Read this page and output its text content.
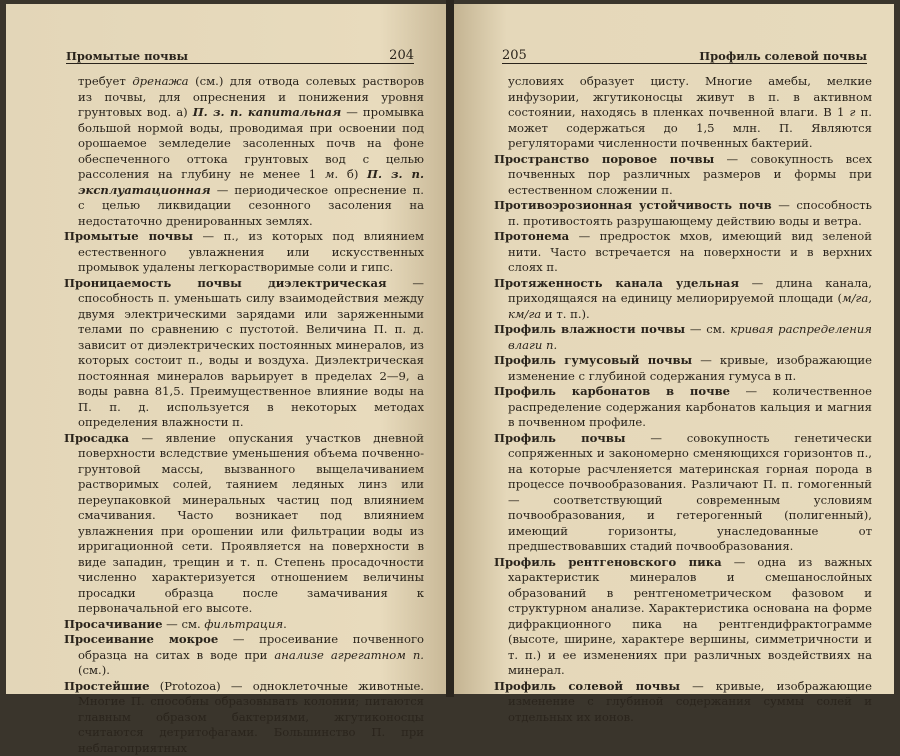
Промытые почвы	204

требует дренажа (см.) для отвода солевых растворов из почвы, для опреснения и понижения уровня грунтовых вод. а) П. з. п. капитальная — промывка большой нормой воды, проводимая при освоении под орошаемое земледелие засоленных почв на фоне обеспеченного оттока грунтовых вод с целью рассоления на глубину не менее 1 м. б) П. з. п. эксплуатационная — периодическое опреснение п. с целью ликвидации сезонного засоления на недостаточно дренированных землях.

Промытые почвы — п., из которых под влиянием естественного увлажнения или искусственных промывок удалены легкорастворимые соли и гипс.

Проницаемость почвы диэлектрическая — способность п. уменьшать силу взаимодействия между двумя электрическими зарядами или заряженными телами по сравнению с пустотой. Величина П. п. д. зависит от диэлектрических постоянных минералов, из которых состоит п., воды и воздуха. Диэлектрическая постоянная минералов варьирует в пределах 2—9, а воды равна 81,5. Преимущественное влияние воды на П. п. д. используется в некоторых методах определения влажности п.

Просадка — явление опускания участков дневной поверхности вследствие уменьшения объема почвенно-грунтовой массы, вызванного выщелачиванием растворимых солей, таянием ледяных линз или переупаковкой минеральных частиц под влиянием смачивания. Часто возникает под влиянием увлажнения при орошении или фильтрации воды из ирригационной сети. Проявляется на поверхности в виде западин, трещин и т. п. Степень просадочности численно характеризуется отношением величины просадки образца после замачивания к первоначальной его высоте.

Просачивание — см. фильтрация.

Просеивание мокрое — просеивание почвенного образца на ситах в воде при анализе агрегатном п. (см.).

Простейшие (Protozoa) — одноклеточные животные. Многие П. способны образовывать колонии; питаются главным образом бактериями, жгутиконосцы считаются детритофагами. Большинство П. при неблагоприятных

205	Профиль солевой почвы

условиях образует цисту. Многие амебы, мелкие инфузории, жгутиконосцы живут в п. в активном состоянии, находясь в пленках почвенной влаги. В 1 г п. может содержаться до 1,5 млн. П. Являются регуляторами численности почвенных бактерий.

Пространство поровое почвы — совокупность всех почвенных пор различных размеров и формы при естественном сложении п.

Противоэрозионная устойчивость почв — способность п. противостоять разрушающему действию воды и ветра.

Протонема — предросток мхов, имеющий вид зеленой нити. Часто встречается на поверхности и в верхних слоях п.

Протяженность канала удельная — длина канала, приходящаяся на единицу мелиорируемой площади (м/га, км/га и т. п.).

Профиль влажности почвы — см. кривая распределения влаги п.

Профиль гумусовый почвы — кривые, изображающие изменение с глубиной содержания гумуса в п.

Профиль карбонатов в почве — количественное распределение содержания карбонатов кальция и магния в почвенном профиле.

Профиль почвы — совокупность генетически сопряженных и закономерно сменяющихся горизонтов п., на которые расчленяется материнская горная порода в процессе почвообразования. Различают П. п. гомогенный — соответствующий современным условиям почвообразования, и гетерогенный (полигенный), имеющий горизонты, унаследованные от предшествовавших стадий почвообразования.

Профиль рентгеновского пика — одна из важных характеристик минералов и смешанослойных образований в рентгенометрическом фазовом и структурном анализе. Характеристика основана на форме дифракционного пика на рентгендифрактограмме (высоте, ширине, характере вершины, симметричности и т. п.) и ее изменениях при различных воздействиях на минерал.

Профиль солевой почвы — кривые, изображающие изменение с глубиной содержания суммы солей и отдельных их ионов.
